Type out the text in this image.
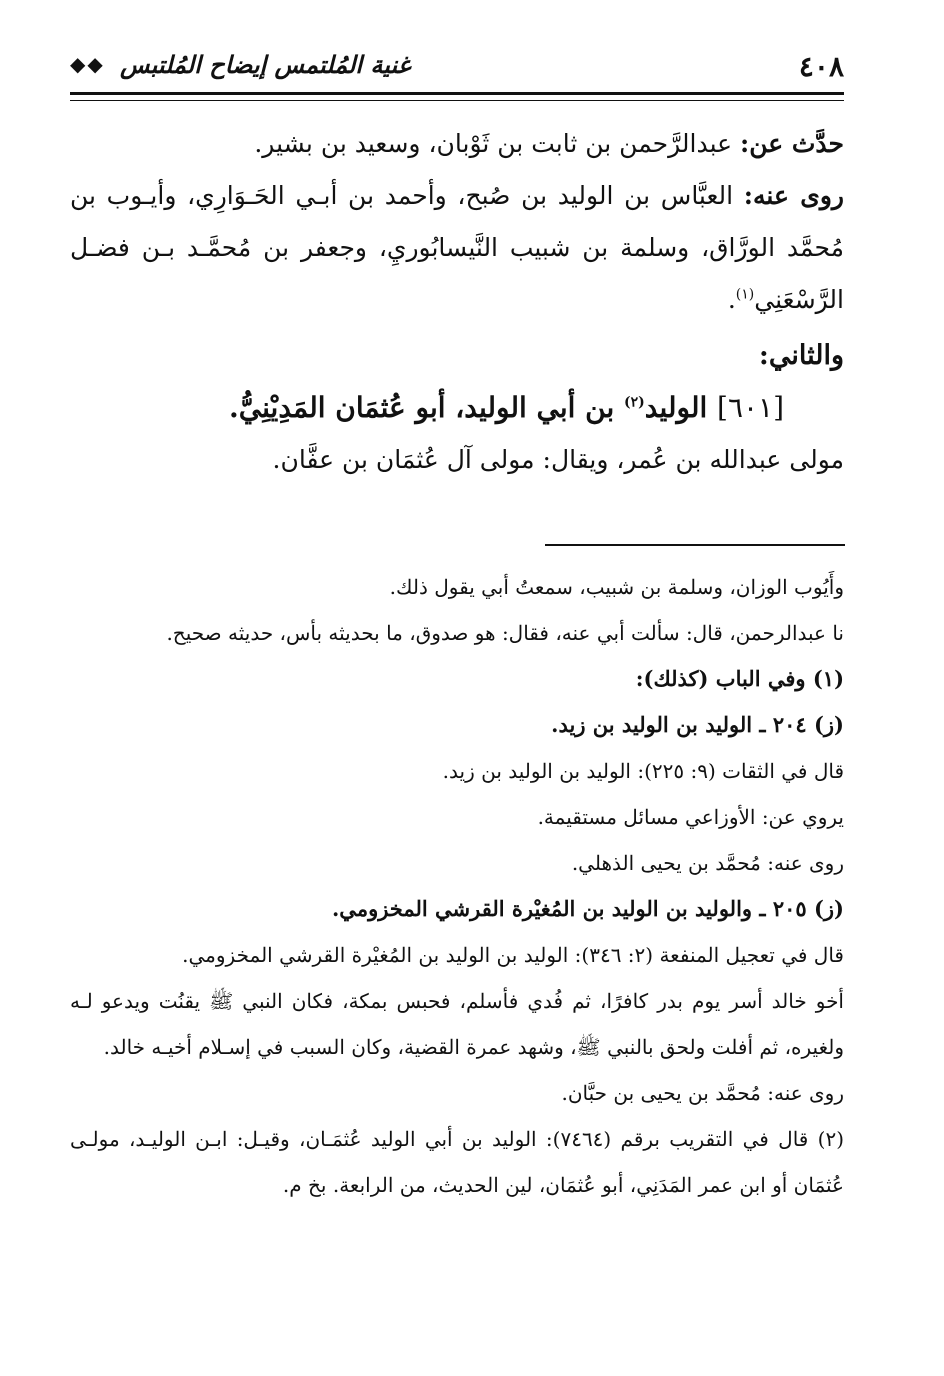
٤٠٨
غنية المُلتمس إيضاح المُلتبس
◆◆

حدَّث عن: عبدالرَّحمن بن ثابت بن ثَوْبان، وسعيد بن بشير.

روى عنه: العبَّاس بن الوليد بن صُبح، وأحمد بن أبـي الحَـوَارِي، وأيـوب بن مُحمَّد الورَّاق، وسلمة بن شبيب النَّيسابُوريِ، وجعفر بن مُحمَّـد بـن فضـل الرَّسْعَنِي$^{(١)}$.

والثاني:

[٦٠١] الوليد$^{(٢)}$ بن أبي الوليد، أبو عُثمَان المَدِيْنِيُّ.

مولى عبدالله بن عُمر، ويقال: مولى آل عُثمَان بن عفَّان.

وأَيُوب الوزان، وسلمة بن شبيب، سمعتُ أبي يقول ذلك.

نا عبدالرحمن، قال: سألت أبي عنه، فقال: هو صدوق، ما بحديثه بأس، حديثه صحيح.

(١) وفي الباب (كذلك):

(ز) ٢٠٤ ـ الوليد بن الوليد بن زيد.

قال في الثقات (٩: ٢٢٥): الوليد بن الوليد بن زيد.

يروي عن: الأوزاعي مسائل مستقيمة.

روى عنه: مُحمَّد بن يحيى الذهلي.

(ز) ٢٠٥ ـ والوليد بن الوليد بن المُغيْرة القرشي المخزومي.

قال في تعجيل المنفعة (٢: ٣٤٦): الوليد بن الوليد بن المُغيْرة القرشي المخزومي.

أخو خالد أسر يوم بدر كافرًا، ثم فُدي فأسلم، فحبس بمكة، فكان النبي ﷺ يقنُت ويدعو لـه ولغيره، ثم أفلت ولحق بالنبي ﷺ، وشهد عمرة القضية، وكان السبب في إسـلام أخيـه خالد.

روى عنه: مُحمَّد بن يحيى بن حبَّان.

(٢) قال في التقريب برقم (٧٤٦٤): الوليد بن أبي الوليد عُثمَـان، وقيـل: ابـن الوليـد، مولـى عُثمَان أو ابن عمر المَدَنِي، أبو عُثمَان، لين الحديث، من الرابعة. بخ م.
